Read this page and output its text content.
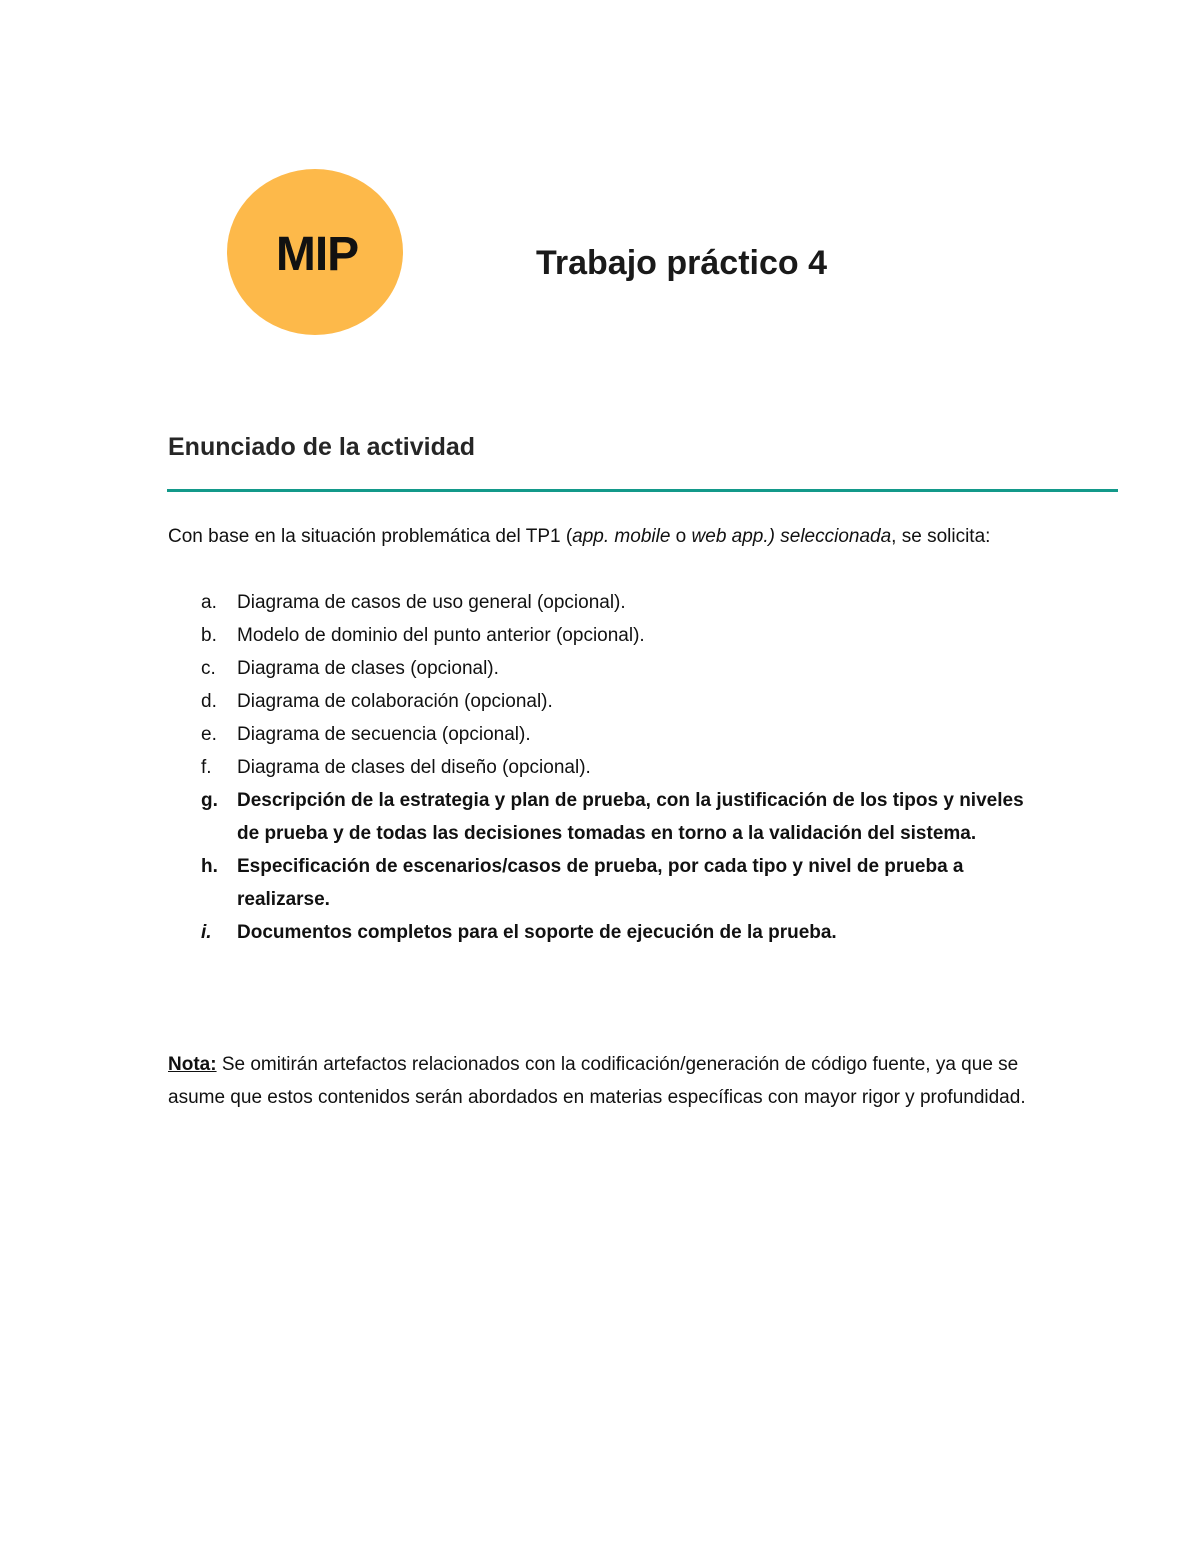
MIP	Trabajo práctico 4
Enunciado de la actividad
Con base en la situación problemática del TP1 (app. mobile o web app.) seleccionada, se solicita:
a. Diagrama de casos de uso general (opcional).
b. Modelo de dominio del punto anterior (opcional).
c. Diagrama de clases (opcional).
d. Diagrama de colaboración (opcional).
e. Diagrama de secuencia (opcional).
f. Diagrama de clases del diseño (opcional).
g. Descripción de la estrategia y plan de prueba, con la justificación de los tipos y niveles de prueba y de todas las decisiones tomadas en torno a la validación del sistema.
h. Especificación de escenarios/casos de prueba, por cada tipo y nivel de prueba a realizarse.
i. Documentos completos para el soporte de ejecución de la prueba.
Nota: Se omitirán artefactos relacionados con la codificación/generación de código fuente, ya que se asume que estos contenidos serán abordados en materias específicas con mayor rigor y profundidad.
